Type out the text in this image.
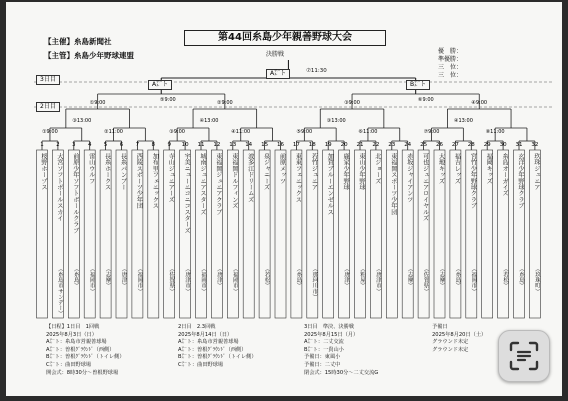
第44回糸島少年親善野球大会
【主催】糸島新聞社
【主管】糸島少年野球連盟	優　勝：
準優勝：
三　位：
三　位：
決勝戦
A㌃ト	⑦11:30
3日目
2日目
A㌃ト	B㌃ト
⑤9:00	⑥9:00
①9:00	②9:00	③9:00	④9:00
③13:00	④13:00	③13:00	④13:00
①9:00	②11:00	③9:00	④11:00	⑤9:00	⑥11:00	⑦9:00	⑧11:00
1
桜野ホープス
2
大宮ソフトボールスカイ
（糸島市サンデー）
3
前原少年ソフトボールクラブ
（糸島）
4
雷山ウルフ
（福岡市）
5
長糸ホークス
（志摩）
6
長糸バンブー
（唐津）
7
西陵スポーツ少年団
（福岡市）
8
加布里フェニックス
9
寺山ジュニアーズ
（佐賀県）
10
宇美ニューニコニコスターズ
（唐津市）
11
城南ジュニアスターズ
（福岡市）
12
東福岡ジュニアクラブ
（唐津）
13
東福岡ドルフィンズ
（福岡市）
14
波多江ドリームズ
15
泉ジャニーズ
（若松）
16
前原メッツ
17
東東フェニックス
（糸島）
18
若竹ジュニア
（那珂川市）
19
加賀ブルーエンゼルス
20
鹿家少年野球
（唐津）
21
東山少年野球
（粕屋）
22
北ジョーズ
（唐津市）
23
東福岡スポーツ少年団
24
赤坂ジャイアンツ
（志摩）
25
可也ジュニアロイヤルズ
（佐賀県）
26
大地キッズ
（志摩）
27
福吉レッズ
（糸島）
28
宮竹少年野球クラブ
（福岡市）
29
福岡キッズ
30
糸島オーガイズ
（若松）
31
玄洋少年野球クラブ
（糸島）
32
玖珠ジュニア
（玖珠町）
【日程】1日目　1回戦
2025年8月3日（日）
A㌃ト：糸島市営親善球場
A㌃ト：曽根ｸﾞﾗｳﾝﾄﾞ（西側）
B㌃ト：曽根ｸﾞﾗｳﾝﾄﾞ（トイレ側）
C㌃ト：曲田野球場
開会式：8時30分～曽根野球場
2日目　2.3回戦
2025年8月14日（日）
A㌃ト：糸島市営親善球場
A㌃ト：曽根ｸﾞﾗｳﾝﾄﾞ（西側）
B㌃ト：曽根ｸﾞﾗｳﾝﾄﾞ（トイレ側）
C㌃ト：曲田野球場
3日目　準決、決勝戦
2025年8月15日（月）
A㌃ト：二丈交流
B㌃ト：一貴山小
予備日：東風小
予備日：二丈中
閉会式：15時30分～二丈交流G
予備日
2025年8月20日（土）
グラウンド未定
グラウンド未定
